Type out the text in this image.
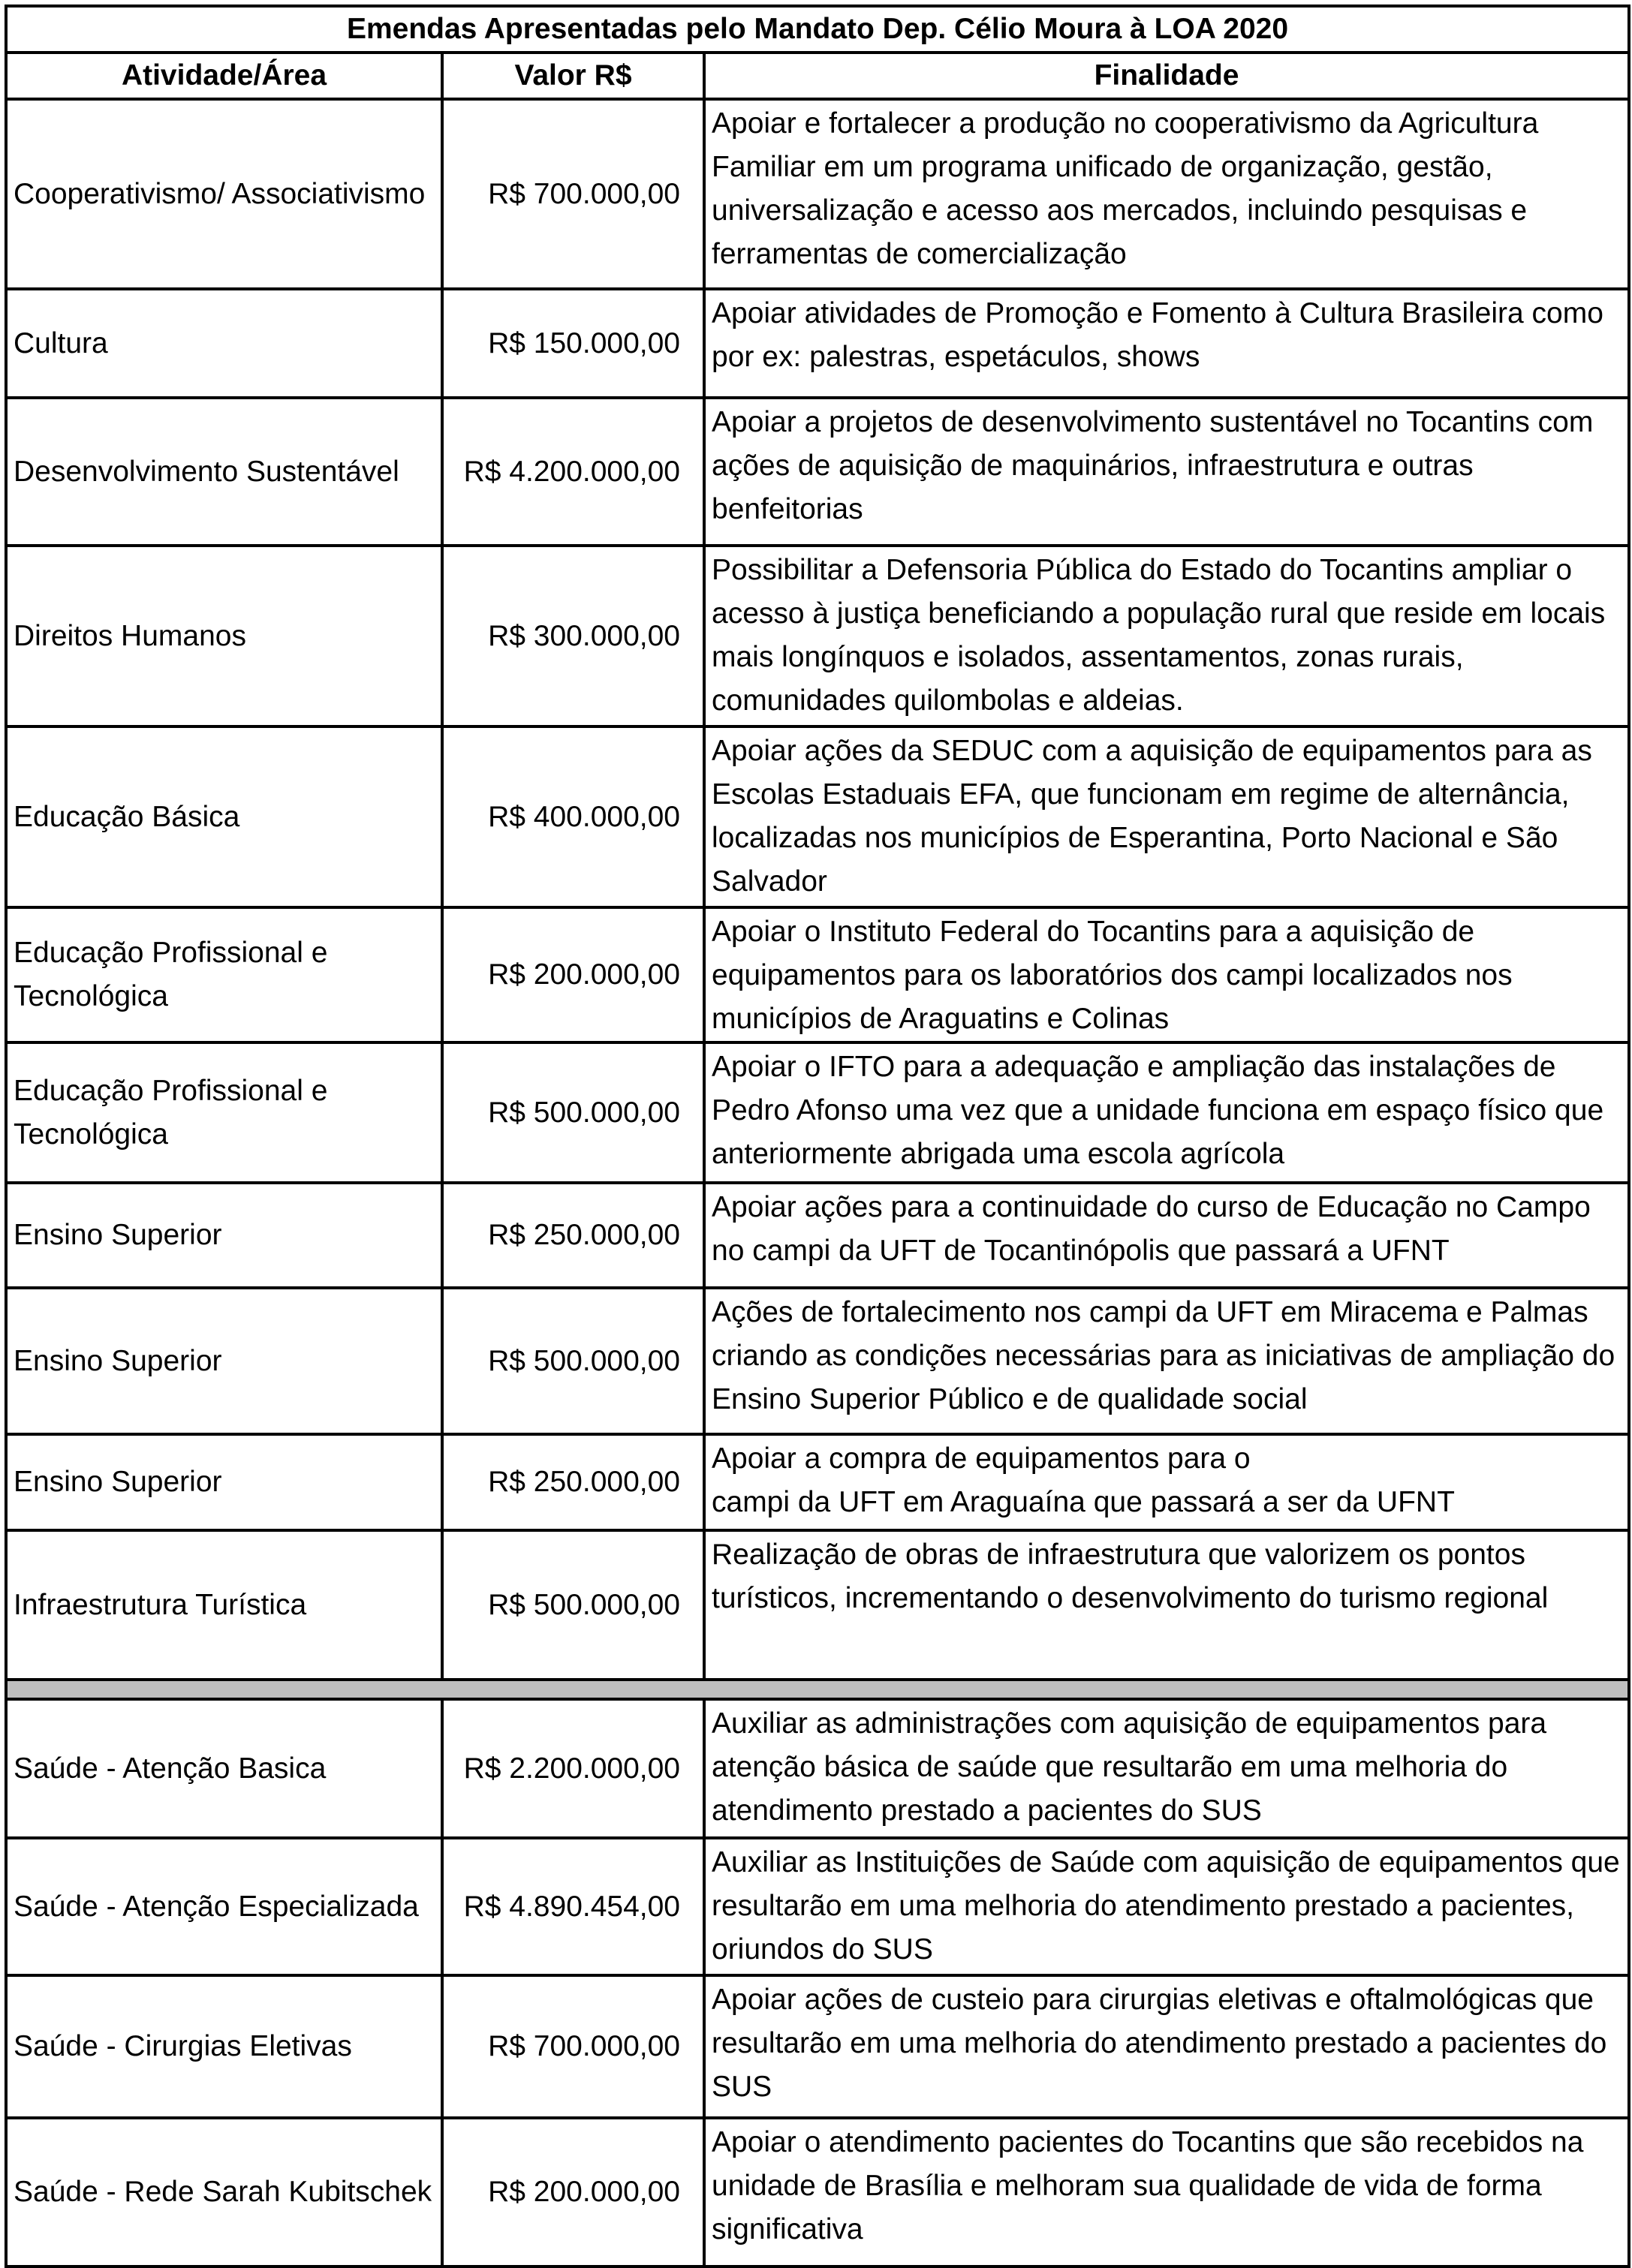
Emendas Apresentadas pelo Mandato Dep. Célio Moura à LOA 2020		
Atividade/Área	Valor R$	Finalidade
Cooperativismo/ Associativismo	R$ 700.000,00	Apoiar e fortalecer a produção no cooperativismo da Agricultura Familiar em um programa unificado de organização, gestão, universalização e acesso aos mercados, incluindo pesquisas e ferramentas de comercialização
Cultura	R$ 150.000,00	Apoiar atividades de Promoção e Fomento à Cultura Brasileira como por ex: palestras, espetáculos, shows
Desenvolvimento Sustentável	R$ 4.200.000,00	Apoiar a projetos de desenvolvimento sustentável no Tocantins com ações de aquisição de maquinários, infraestrutura e outras benfeitorias
Direitos Humanos	R$ 300.000,00	Possibilitar a Defensoria Pública do Estado do Tocantins ampliar o acesso à justiça beneficiando a população rural que reside em locais mais longínquos e isolados, assentamentos, zonas rurais, comunidades quilombolas e aldeias.
Educação Básica	R$ 400.000,00	Apoiar ações da SEDUC com a aquisição de equipamentos para as Escolas Estaduais EFA, que funcionam em regime de alternância, localizadas nos municípios de Esperantina, Porto Nacional e São Salvador
Educação Profissional e Tecnológica	R$ 200.000,00	Apoiar o Instituto Federal do Tocantins para a aquisição de equipamentos para os laboratórios dos campi localizados nos municípios de Araguatins e Colinas
Educação Profissional e Tecnológica	R$ 500.000,00	Apoiar o IFTO para a adequação e ampliação das instalações de Pedro Afonso uma vez que a unidade funciona em espaço físico que anteriormente abrigada uma escola agrícola
Ensino Superior	R$ 250.000,00	Apoiar ações para a continuidade do curso de Educação no Campo no campi da UFT de Tocantinópolis que passará a UFNT
Ensino Superior	R$ 500.000,00	Ações de fortalecimento nos campi da UFT em Miracema e Palmas criando as condições necessárias para as iniciativas de ampliação do Ensino Superior Público e de qualidade social
Ensino Superior	R$ 250.000,00	Apoiar a compra de equipamentos para o
campi da UFT em Araguaína que passará a ser da UFNT
Infraestrutura Turística	R$ 500.000,00	Realização de obras de infraestrutura que valorizem os pontos turísticos, incrementando o desenvolvimento do turismo regional

Saúde - Atenção Basica	R$ 2.200.000,00	Auxiliar as administrações com aquisição de equipamentos para atenção básica de saúde que resultarão em uma melhoria do atendimento prestado a pacientes do SUS
Saúde - Atenção Especializada	R$ 4.890.454,00	Auxiliar as Instituições de Saúde com aquisição de equipamentos que resultarão em uma melhoria do atendimento prestado a pacientes, oriundos do SUS
Saúde - Cirurgias Eletivas	R$ 700.000,00	Apoiar ações de custeio para cirurgias eletivas e oftalmológicas que resultarão em uma melhoria do atendimento prestado a pacientes do SUS
Saúde - Rede Sarah Kubitschek	R$ 200.000,00	Apoiar o atendimento pacientes do Tocantins que são recebidos na unidade de Brasília e melhoram sua qualidade de vida de forma significativa
